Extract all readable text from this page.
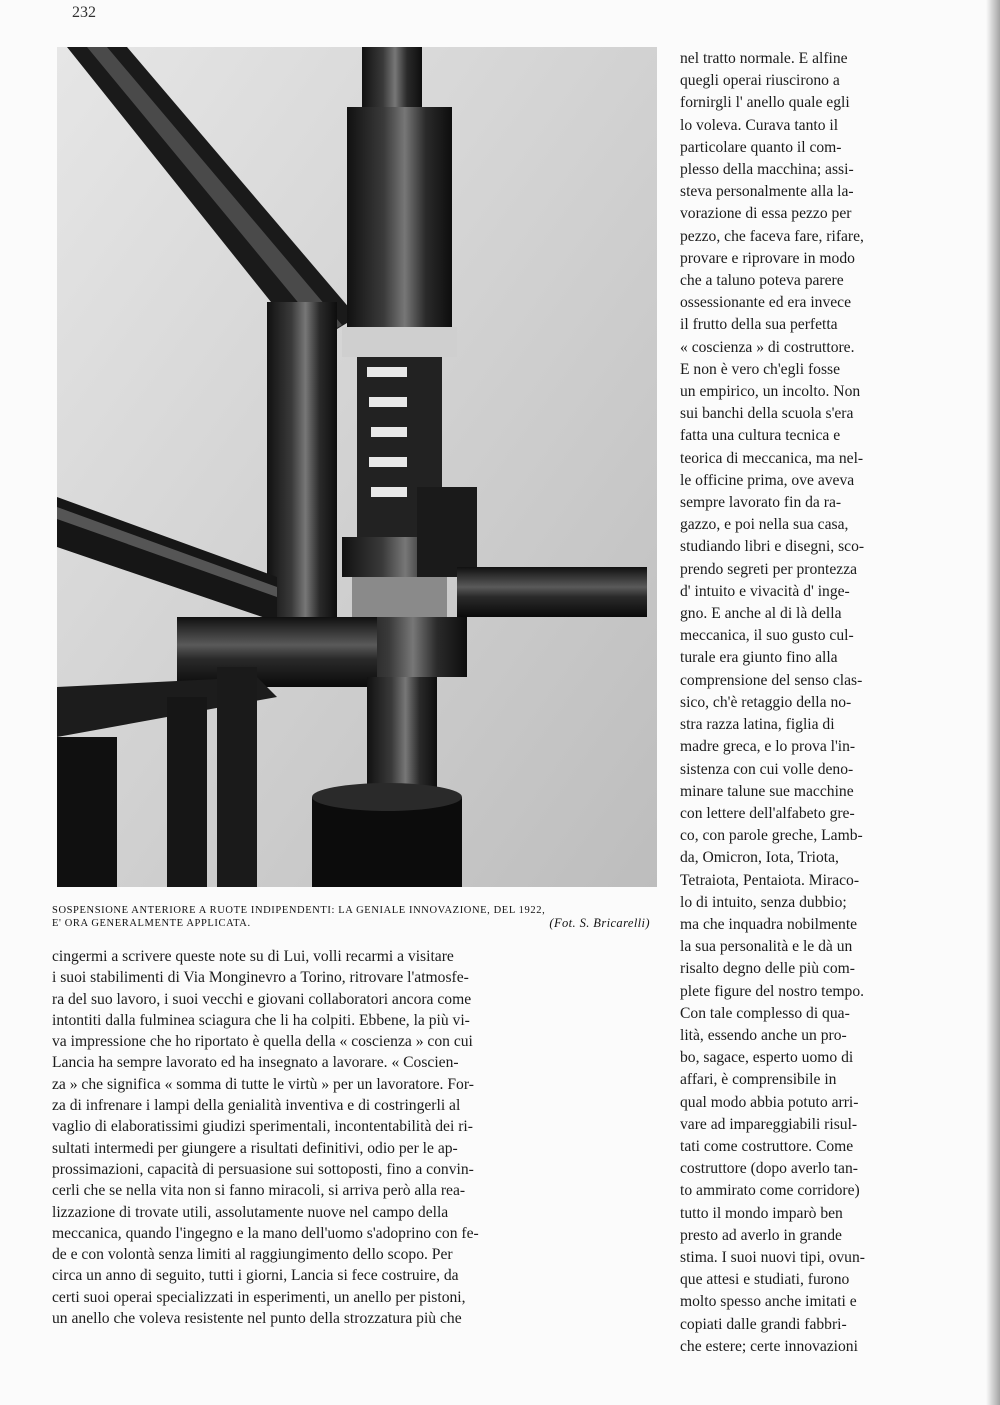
232
SOSPENSIONE ANTERIORE A RUOTE INDIPENDENTI: LA GENIALE INNOVAZIONE, DEL 1922,
E' ORA GENERALMENTE APPLICATA.	(Fot. S. Bricarelli)
cingermi a scrivere queste note su di Lui, volli recarmi a visitare
i suoi stabilimenti di Via Monginevro a Torino, ritrovare l'atmosfe-
ra del suo lavoro, i suoi vecchi e giovani collaboratori ancora come
intontiti dalla fulminea sciagura che li ha colpiti. Ebbene, la più vi-
va impressione che ho riportato è quella della « coscienza » con cui
Lancia ha sempre lavorato ed ha insegnato a lavorare. « Coscien-
za » che significa « somma di tutte le virtù » per un lavoratore. For-
za di infrenare i lampi della genialità inventiva e di costringerli al
vaglio di elaboratissimi giudizi sperimentali, incontentabilità dei ri-
sultati intermedi per giungere a risultati definitivi, odio per le ap-
prossimazioni, capacità di persuasione sui sottoposti, fino a convin-
cerli che se nella vita non si fanno miracoli, si arriva però alla rea-
lizzazione di trovate utili, assolutamente nuove nel campo della
meccanica, quando l'ingegno e la mano dell'uomo s'adoprino con fe-
de e con volontà senza limiti al raggiungimento dello scopo. Per
circa un anno di seguito, tutti i giorni, Lancia si fece costruire, da
certi suoi operai specializzati in esperimenti, un anello per pistoni,
un anello che voleva resistente nel punto della strozzatura più che
nel tratto normale. E alfine
quegli operai riuscirono a
fornirgli l' anello quale egli
lo voleva. Curava tanto il
particolare quanto il com-
plesso della macchina; assi-
steva personalmente alla la-
vorazione di essa pezzo per
pezzo, che faceva fare, rifare,
provare e riprovare in modo
che a taluno poteva parere
ossessionante ed era invece
il frutto della sua perfetta
« coscienza » di costruttore.
E non è vero ch'egli fosse
un empirico, un incolto. Non
sui banchi della scuola s'era
fatta una cultura tecnica e
teorica di meccanica, ma nel-
le officine prima, ove aveva
sempre lavorato fin da ra-
gazzo, e poi nella sua casa,
studiando libri e disegni, sco-
prendo segreti per prontezza
d' intuito e vivacità d' inge-
gno. E anche al di là della
meccanica, il suo gusto cul-
turale era giunto fino alla
comprensione del senso clas-
sico, ch'è retaggio della no-
stra razza latina, figlia di
madre greca, e lo prova l'in-
sistenza con cui volle deno-
minare talune sue macchine
con lettere dell'alfabeto gre-
co, con parole greche, Lamb-
da, Omicron, Iota, Triota,
Tetraiota, Pentaiota. Miraco-
lo di intuito, senza dubbio;
ma che inquadra nobilmente
la sua personalità e le dà un
risalto degno delle più com-
plete figure del nostro tempo.
Con tale complesso di qua-
lità, essendo anche un pro-
bo, sagace, esperto uomo di
affari, è comprensibile in
qual modo abbia potuto arri-
vare ad impareggiabili risul-
tati come costruttore. Come
costruttore (dopo averlo tan-
to ammirato come corridore)
tutto il mondo imparò ben
presto ad averlo in grande
stima. I suoi nuovi tipi, ovun-
que attesi e studiati, furono
molto spesso anche imitati e
copiati dalle grandi fabbri-
che estere; certe innovazioni
